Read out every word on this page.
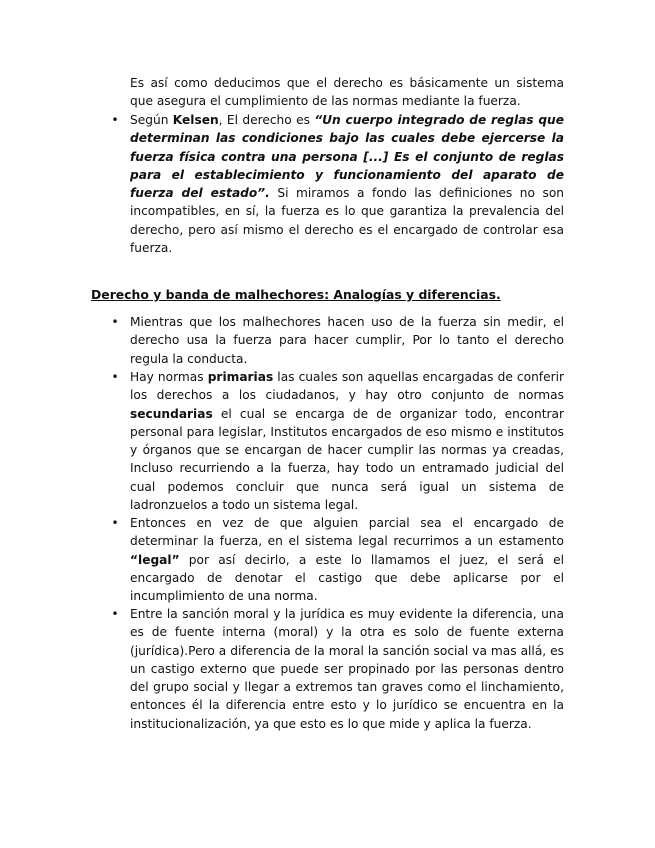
Es así como deducimos que el derecho es básicamente un sistema que asegura el cumplimiento de las normas mediante la fuerza.

• Según Kelsen, El derecho es “Un cuerpo integrado de reglas que determinan las condiciones bajo las cuales debe ejercerse la fuerza física contra una persona [...] Es el conjunto de reglas para el establecimiento y funcionamiento del aparato de fuerza del estado”. Si miramos a fondo las definiciones no son incompatibles, en sí, la fuerza es lo que garantiza la prevalencia del derecho, pero así mismo el derecho es el encargado de controlar esa fuerza.

Derecho y banda de malhechores: Analogías y diferencias.

• Mientras que los malhechores hacen uso de la fuerza sin medir, el derecho usa la fuerza para hacer cumplir, Por lo tanto el derecho regula la conducta.
• Hay normas primarias las cuales son aquellas encargadas de conferir los derechos a los ciudadanos, y hay otro conjunto de normas secundarias el cual se encarga de de organizar todo, encontrar personal para legislar, Institutos encargados de eso mismo e institutos y órganos que se encargan de hacer cumplir las normas ya creadas, Incluso recurriendo a la fuerza, hay todo un entramado judicial del cual podemos concluir que nunca será igual un sistema de ladronzuelos a todo un sistema legal.
• Entonces en vez de que alguien parcial sea el encargado de determinar la fuerza, en el sistema legal recurrimos a un estamento “legal” por así decirlo, a este lo llamamos el juez, el será el encargado de denotar el castigo que debe aplicarse por el incumplimiento de una norma.
• Entre la sanción moral y la jurídica es muy evidente la diferencia, una es de fuente interna (moral) y la otra es solo de fuente externa (jurídica).Pero a diferencia de la moral la sanción social va mas allá, es un castigo externo que puede ser propinado por las personas dentro del grupo social y llegar a extremos tan graves como el linchamiento, entonces él la diferencia entre esto y lo jurídico se encuentra en la institucionalización, ya que esto es lo que mide y aplica la fuerza.
